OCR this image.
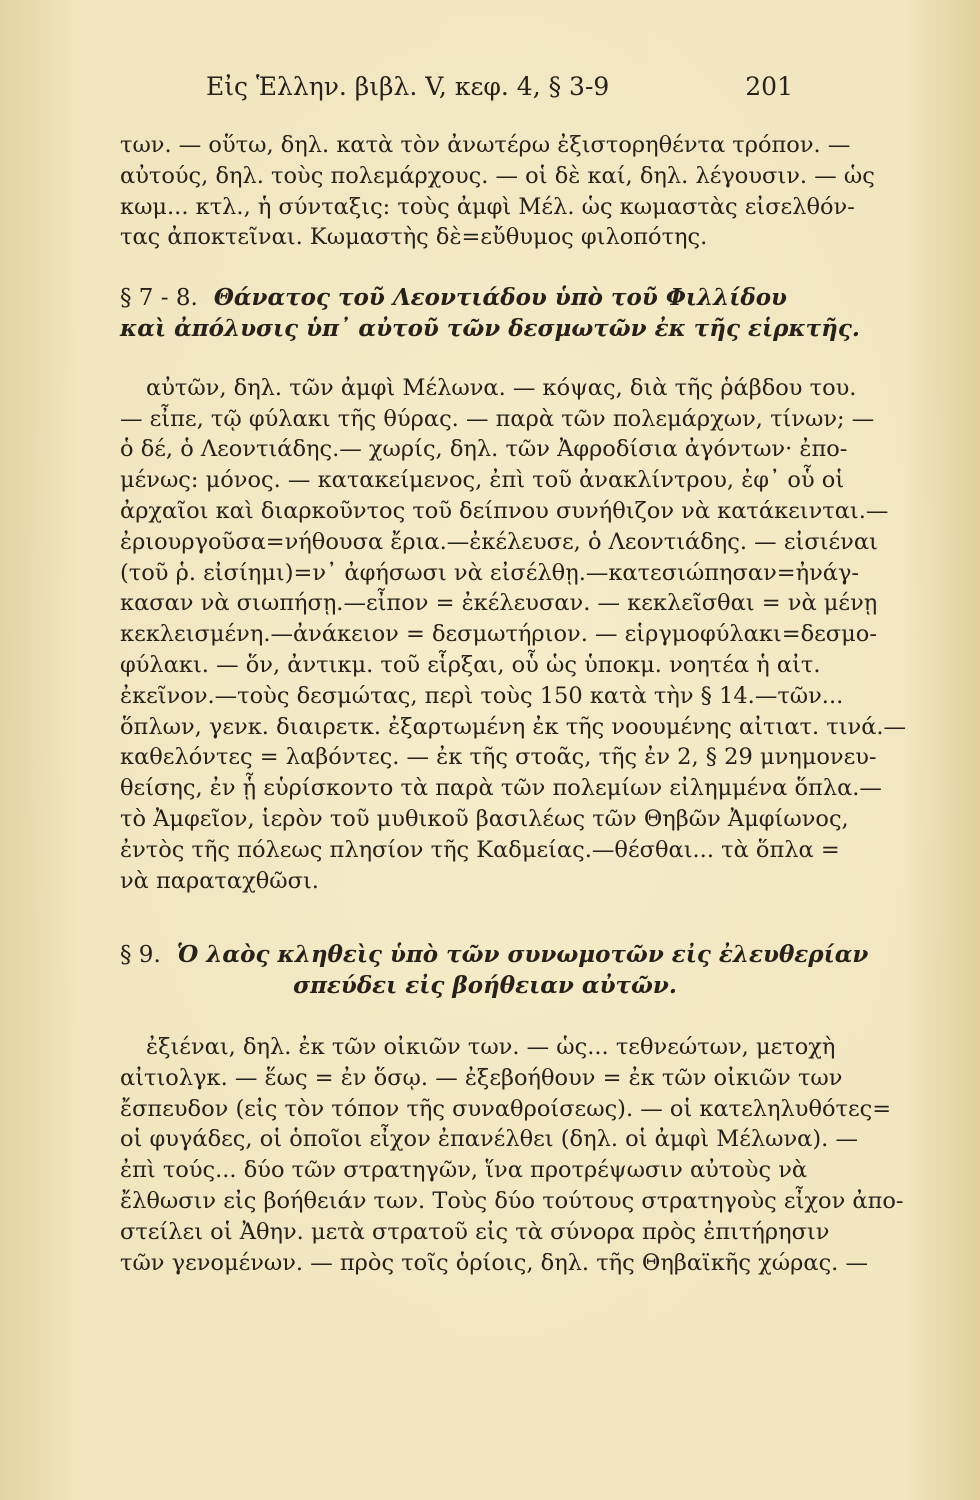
Εἰς Ἑλλην. βιβλ. V, κεφ. 4, § 3-9	201
των. — οὕτω, δηλ. κατὰ τὸν ἀνωτέρω ἐξιστορηθέντα τρόπον. —
αὐτούς, δηλ. τοὺς πολεμάρχους. — οἱ δὲ καί, δηλ. λέγουσιν. — ὡς
κωμ... κτλ., ἡ σύνταξις: τοὺς ἀμφὶ Μέλ. ὡς κωμαστὰς εἰσελθόν-
τας ἀποκτεῖναι. Κωμαστὴς δὲ=εὔθυμος φιλοπότης.
§ 7 - 8. Θάνατος τοῦ Λεοντιάδου ὑπὸ τοῦ Φιλλίδου
καὶ ἀπόλυσις ὑπ᾿ αὐτοῦ τῶν δεσμωτῶν ἐκ τῆς εἱρκτῆς.
αὐτῶν, δηλ. τῶν ἀμφὶ Μέλωνα. — κόψας, διὰ τῆς ῥάβδου του.
— εἶπε, τῷ φύλακι τῆς θύρας. — παρὰ τῶν πολεμάρχων, τίνων; —
ὁ δέ, ὁ Λεοντιάδης.— χωρίς, δηλ. τῶν Ἀφροδίσια ἀγόντων· ἐπο-
μένως: μόνος. — κατακείμενος, ἐπὶ τοῦ ἀνακλίντρου, ἐφ᾿ οὗ οἱ
ἀρχαῖοι καὶ διαρκοῦντος τοῦ δείπνου συνήθιζον νὰ κατάκεινται.—
ἐριουργοῦσα=νήθουσα ἔρια.—ἐκέλευσε, ὁ Λεοντιάδης. — εἰσιέναι
(τοῦ ῥ. εἰσίημι)=ν᾿ ἀφήσωσι νὰ εἰσέλθῃ.—κατεσιώπησαν=ἠνάγ-
κασαν νὰ σιωπήσῃ.—εἶπον = ἐκέλευσαν. — κεκλεῖσθαι = νὰ μένῃ
κεκλεισμένη.—ἀνάκειον = δεσμωτήριον. — εἱργμοφύλακι=δεσμο-
φύλακι. — ὅν, ἀντικμ. τοῦ εἷρξαι, οὗ ὡς ὑποκμ. νοητέα ἡ αἰτ.
ἐκεῖνον.—τοὺς δεσμώτας, περὶ τοὺς 150 κατὰ τὴν § 14.—τῶν...
ὅπλων, γενκ. διαιρετκ. ἐξαρτωμένη ἐκ τῆς νοουμένης αἰτιατ. τινά.—
καθελόντες = λαβόντες. — ἐκ τῆς στοᾶς, τῆς ἐν 2, § 29 μνημονευ-
θείσης, ἐν ᾗ εὑρίσκοντο τὰ παρὰ τῶν πολεμίων εἰλημμένα ὅπλα.—
τὸ Ἀμφεῖον, ἱερὸν τοῦ μυθικοῦ βασιλέως τῶν Θηβῶν Ἀμφίωνος,
ἐντὸς τῆς πόλεως πλησίον τῆς Καδμείας.—θέσθαι... τὰ ὅπλα =
νὰ παραταχθῶσι.
§ 9. Ὁ λαὸς κληθεὶς ὑπὸ τῶν συνωμοτῶν εἰς ἐλευθερίαν
σπεύδει εἰς βοήθειαν αὐτῶν.
ἐξιέναι, δηλ. ἐκ τῶν οἰκιῶν των. — ὡς... τεθνεώτων, μετοχὴ
αἰτιολγκ. — ἕως = ἐν ὅσῳ. — ἐξεβοήθουν = ἐκ τῶν οἰκιῶν των
ἔσπευδον (εἰς τὸν τόπον τῆς συναθροίσεως). — οἱ κατεληλυθότες=
οἱ φυγάδες, οἱ ὁποῖοι εἶχον ἐπανέλθει (δηλ. οἱ ἀμφὶ Μέλωνα). —
ἐπὶ τούς... δύο τῶν στρατηγῶν, ἵνα προτρέψωσιν αὐτοὺς νὰ
ἔλθωσιν εἰς βοήθειάν των. Τοὺς δύο τούτους στρατηγοὺς εἶχον ἀπο-
στείλει οἱ Ἀθην. μετὰ στρατοῦ εἰς τὰ σύνορα πρὸς ἐπιτήρησιν
τῶν γενομένων. — πρὸς τοῖς ὁρίοις, δηλ. τῆς Θηβαϊκῆς χώρας. —
